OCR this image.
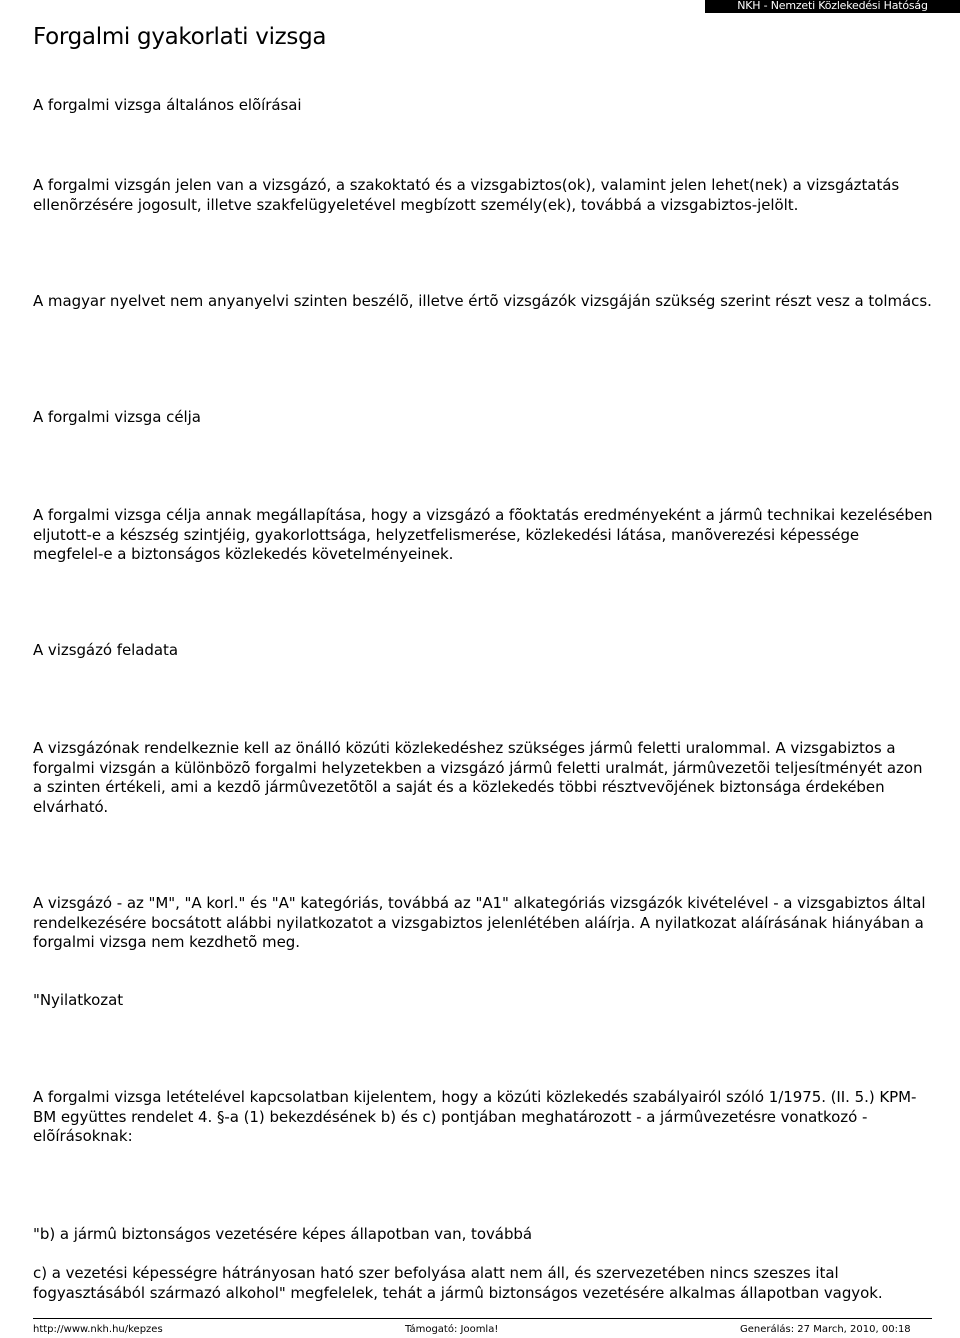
NKH - Nemzeti Közlekedési Hatóság
Forgalmi gyakorlati vizsga

A forgalmi vizsga általános elõírásai

A forgalmi vizsgán jelen van a vizsgázó, a szakoktató és a vizsgabiztos(ok), valamint jelen lehet(nek) a vizsgáztatás ellenõrzésére jogosult, illetve szakfelügyeletével megbízott személy(ek), továbbá a vizsgabiztos-jelölt.

A magyar nyelvet nem anyanyelvi szinten beszélõ, illetve értõ vizsgázók vizsgáján szükség szerint részt vesz a tolmács.

A forgalmi vizsga célja

A forgalmi vizsga célja annak megállapítása, hogy a vizsgázó a fõoktatás eredményeként a jármû technikai kezelésében eljutott-e a készség szintjéig, gyakorlottsága, helyzetfelismerése, közlekedési látása, manõverezési képessége megfelel-e a biztonságos közlekedés követelményeinek.

A vizsgázó feladata

A vizsgázónak rendelkeznie kell az önálló közúti közlekedéshez szükséges jármû feletti uralommal. A vizsgabiztos a forgalmi vizsgán a különbözõ forgalmi helyzetekben a vizsgázó jármû feletti uralmát, jármûvezetõi teljesítményét azon a szinten értékeli, ami a kezdõ jármûvezetõtõl a saját és a közlekedés többi résztvevõjének biztonsága érdekében elvárható.

A vizsgázó - az "M", "A korl." és "A" kategóriás, továbbá az "A1" alkategóriás vizsgázók kivételével - a vizsgabiztos által rendelkezésére bocsátott alábbi nyilatkozatot a vizsgabiztos jelenlétében aláírja. A nyilatkozat aláírásának hiányában a forgalmi vizsga nem kezdhetõ meg.

"Nyilatkozat

A forgalmi vizsga letételével kapcsolatban kijelentem, hogy a közúti közlekedés szabályairól szóló 1/1975. (II. 5.) KPM-BM együttes rendelet 4. §-a (1) bekezdésének b) és c) pontjában meghatározott - a jármûvezetésre vonatkozó - elõírásoknak:

"b) a jármû biztonságos vezetésére képes állapotban van, továbbá

c) a vezetési képességre hátrányosan ható szer befolyása alatt nem áll, és szervezetében nincs szeszes ital fogyasztásából származó alkohol" megfelelek, tehát a jármû biztonságos vezetésére alkalmas állapotban vagyok.

http://www.nkh.hu/kepzes	Támogató: Joomla!	Generálás: 27 March, 2010, 00:18
